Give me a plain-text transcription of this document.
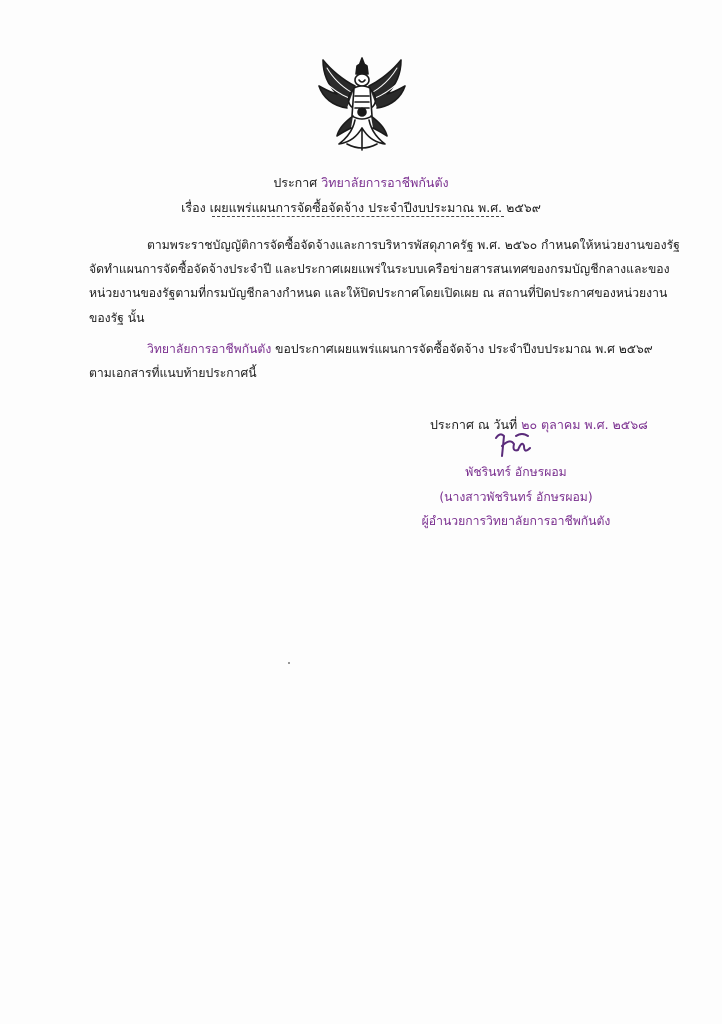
ประกาศ วิทยาลัยการอาชีพกันตัง
เรื่อง เผยแพร่แผนการจัดซื้อจัดจ้าง ประจำปีงบประมาณ พ.ศ. ๒๕๖๙

ตามพระราชบัญญัติการจัดซื้อจัดจ้างและการบริหารพัสดุภาครัฐ พ.ศ. ๒๕๖๐ กำหนดให้หน่วยงานของรัฐ
จัดทำแผนการจัดซื้อจัดจ้างประจำปี และประกาศเผยแพร่ในระบบเครือข่ายสารสนเทศของกรมบัญชีกลางและของ
หน่วยงานของรัฐตามที่กรมบัญชีกลางกำหนด และให้ปิดประกาศโดยเปิดเผย ณ สถานที่ปิดประกาศของหน่วยงาน
ของรัฐ นั้น

วิทยาลัยการอาชีพกันตัง ขอประกาศเผยแพร่แผนการจัดซื้อจัดจ้าง ประจำปีงบประมาณ พ.ศ ๒๕๖๙
ตามเอกสารที่แนบท้ายประกาศนี้

ประกาศ ณ วันที่ ๒๐ ตุลาคม พ.ศ. ๒๕๖๘
พัชรินทร์ อักษรผอม
(นางสาวพัชรินทร์ อักษรผอม)
ผู้อำนวยการวิทยาลัยการอาชีพกันตัง
